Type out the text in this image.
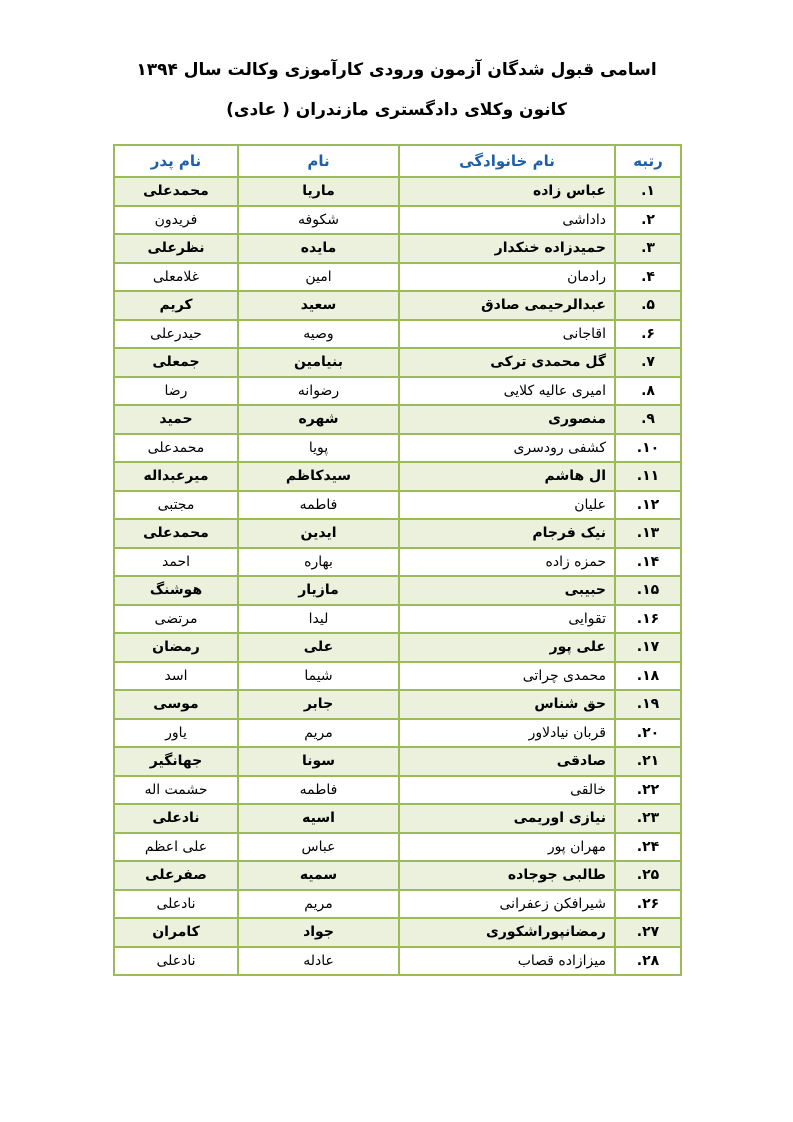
اسامی قبول شدگان آزمون ورودی کارآموزی وکالت سال ۱۳۹۴
کانون وکلای دادگستری مازندران ( عادی)
رتبه	نام خانوادگی	نام	نام پدر
۱.	عباس زاده	ماریا	محمدعلی
۲.	داداشی	شکوفه	فریدون
۳.	حمیدزاده خنکدار	مایده	نظرعلی
۴.	رادمان	امین	غلامعلی
۵.	عبدالرحیمی صادق	سعید	کریم
۶.	اقاجانی	وصیه	حیدرعلی
۷.	گل محمدی ترکی	بنیامین	جمعلی
۸.	امیری عالیه کلایی	رضوانه	رضا
۹.	منصوری	شهره	حمید
۱۰.	کشفی رودسری	پویا	محمدعلی
۱۱.	ال هاشم	سیدکاظم	میرعبداله
۱۲.	علیان	فاطمه	مجتبی
۱۳.	نیک فرجام	ایدین	محمدعلی
۱۴.	حمزه زاده	بهاره	احمد
۱۵.	حبیبی	مازیار	هوشنگ
۱۶.	تقوایی	لیدا	مرتضی
۱۷.	علی پور	علی	رمضان
۱۸.	محمدی چراتی	شیما	اسد
۱۹.	حق شناس	جابر	موسی
۲۰.	قربان نیادلاور	مریم	یاور
۲۱.	صادقی	سونا	جهانگیر
۲۲.	خالقی	فاطمه	حشمت اله
۲۳.	نیازی اوریمی	اسیه	نادعلی
۲۴.	مهران پور	عباس	علی اعظم
۲۵.	طالبی جوجاده	سمیه	صفرعلی
۲۶.	شیرافکن زعفرانی	مریم	نادعلی
۲۷.	رمضانپوراشکوری	جواد	کامران
۲۸.	میزازاده قصاب	عادله	نادعلی
